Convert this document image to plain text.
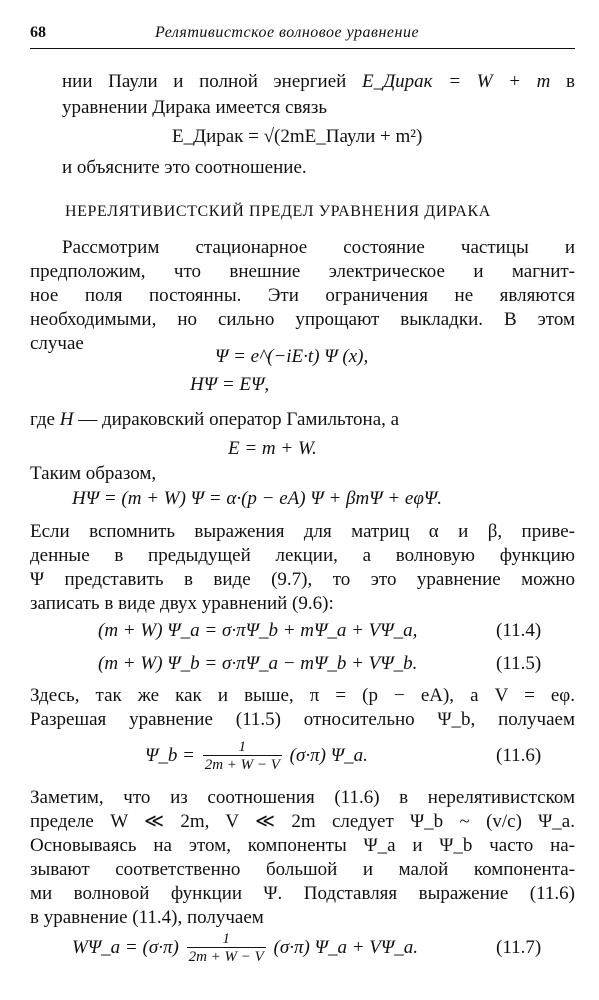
68	Релятивистское волновое уравнение
нии Паули и полной энергией E_Дирак = W + m в
уравнении Дирака имеется связь
E_Дирак = √(2mE_Паули + m²)
и объясните это соотношение.
НЕРЕЛЯТИВИСТСКИЙ ПРЕДЕЛ УРАВНЕНИЯ ДИРАКА
Рассмотрим стационарное состояние частицы и
предположим, что внешние электрическое и магнит-
ное поля постоянны. Эти ограничения не являются
необходимыми, но сильно упрощают выкладки. В этом
случае
Ψ = e^(−iE·t) Ψ (x),
HΨ = EΨ,
где H — дираковский оператор Гамильтона, а
E = m + W.
Таким образом,
HΨ = (m + W) Ψ = α·(p − eA) Ψ + βmΨ + eφΨ.
Если вспомнить выражения для матриц α и β, приве-
денные в предыдущей лекции, а волновую функцию
Ψ представить в виде (9.7), то это уравнение можно
записать в виде двух уравнений (9.6):
(m + W) Ψ_a = σ·πΨ_b + mΨ_a + VΨ_a,	(11.4)
(m + W) Ψ_b = σ·πΨ_a − mΨ_b + VΨ_b.	(11.5)
Здесь, так же как и выше, π = (p − eA), а V = eφ.
Разрешая уравнение (11.5) относительно Ψ_b, получаем
Ψ_b = $\frac{1}{2m + W - V} (\sigma\cdot\pi)$ Ψ_a.	(11.6)
Заметим, что из соотношения (11.6) в нерелятивистском
пределе W ≪ 2m, V ≪ 2m следует Ψ_b ~ (v/c) Ψ_a.
Основываясь на этом, компоненты Ψ_a и Ψ_b часто на-
зывают соответственно большой и малой компонента-
ми волновой функции Ψ. Подставляя выражение (11.6)
в уравнение (11.4), получаем
WΨ_a = $(\sigma\cdot\pi) \frac{1}{2m + W - V} (\sigma\cdot\pi)$ Ψ_a + VΨ_a.	(11.7)
